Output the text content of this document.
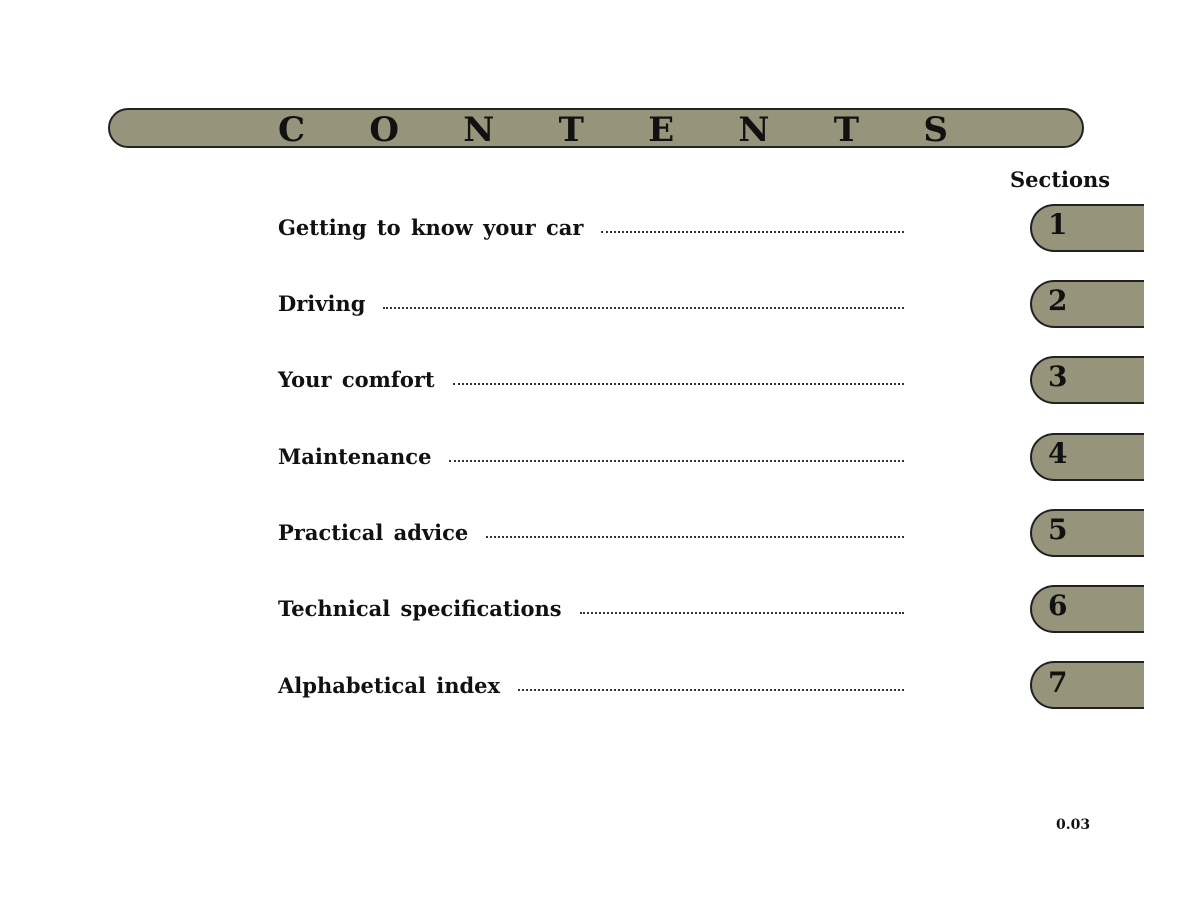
C O N T E N T S
Sections
Getting to know your car	1
Driving	2
Your comfort	3
Maintenance	4
Practical advice	5
Technical specifications	6
Alphabetical index	7
0.03
